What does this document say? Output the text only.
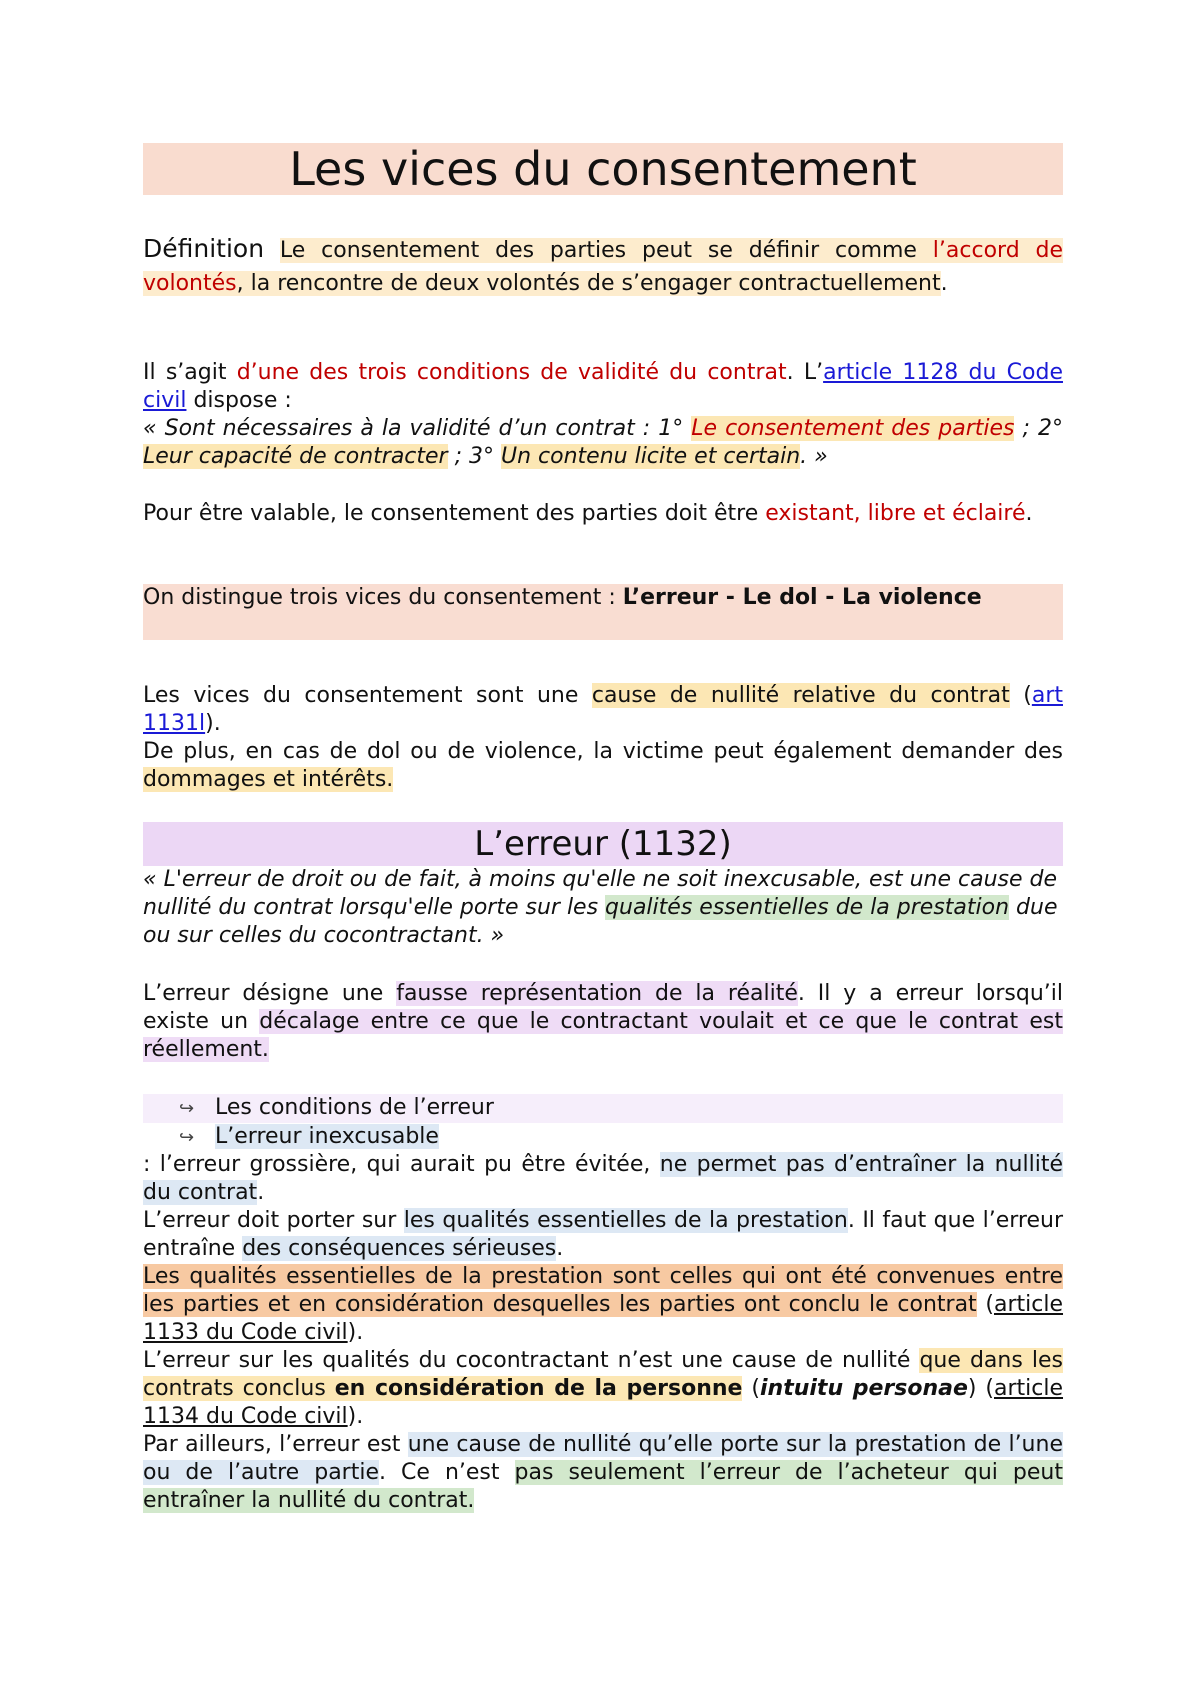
Les vices du consentement
Définition Le consentement des parties peut se définir comme l’accord de volontés, la rencontre de deux volontés de s’engager contractuellement.
Il s’agit d’une des trois conditions de validité du contrat. L’article 1128 du Code civil dispose :
« Sont nécessaires à la validité d’un contrat : 1° Le consentement des parties ; 2° Leur capacité de contracter ; 3° Un contenu licite et certain. »
Pour être valable, le consentement des parties doit être existant, libre et éclairé.
On distingue trois vices du consentement : L’erreur - Le dol - La violence
Les vices du consentement sont une cause de nullité relative du contrat (art 1131l).
De plus, en cas de dol ou de violence, la victime peut également demander des dommages et intérêts.
L’erreur (1132)
« L'erreur de droit ou de fait, à moins qu'elle ne soit inexcusable, est une cause de nullité du contrat lorsqu'elle porte sur les qualités essentielles de la prestation due ou sur celles du cocontractant. »
L’erreur désigne une fausse représentation de la réalité. Il y a erreur lorsqu’il existe un décalage entre ce que le contractant voulait et ce que le contrat est réellement.
↪ Les conditions de l’erreur
↪ L’erreur inexcusable
: l’erreur grossière, qui aurait pu être évitée, ne permet pas d’entraîner la nullité du contrat.
L’erreur doit porter sur les qualités essentielles de la prestation. Il faut que l’erreur entraîne des conséquences sérieuses.
Les qualités essentielles de la prestation sont celles qui ont été convenues entre les parties et en considération desquelles les parties ont conclu le contrat (article 1133 du Code civil).
L’erreur sur les qualités du cocontractant n’est une cause de nullité que dans les contrats conclus en considération de la personne (intuitu personae) (article 1134 du Code civil).
Par ailleurs, l’erreur est une cause de nullité qu’elle porte sur la prestation de l’une ou de l’autre partie. Ce n’est pas seulement l’erreur de l’acheteur qui peut entraîner la nullité du contrat.
